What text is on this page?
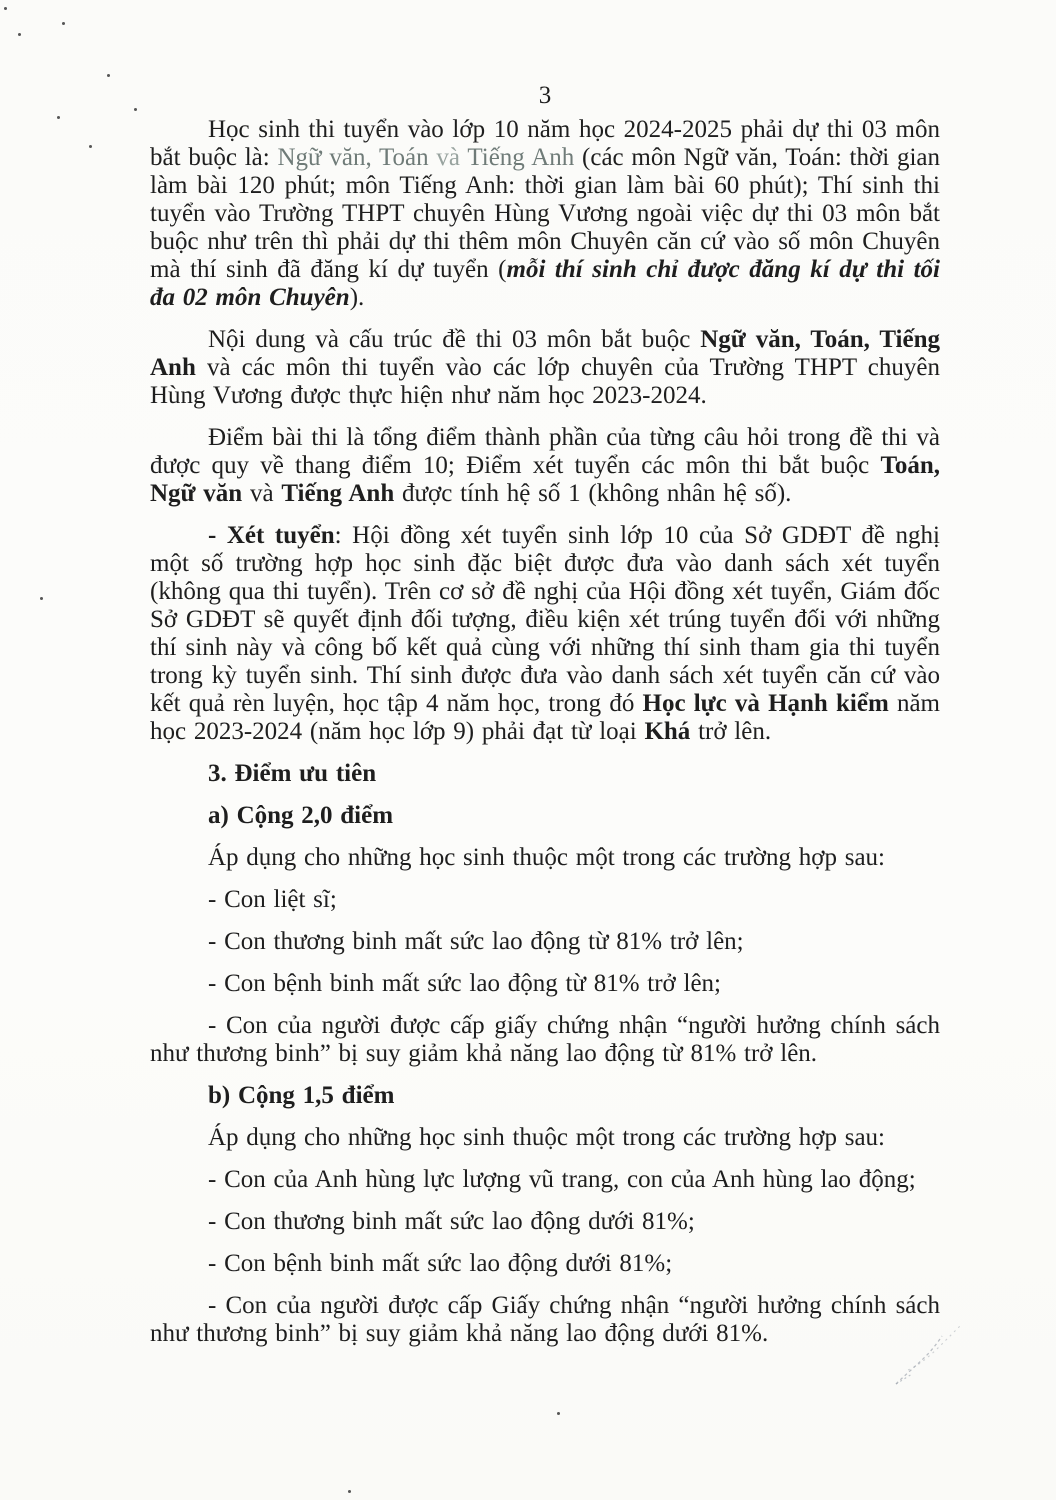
3

Học sinh thi tuyển vào lớp 10 năm học 2024-2025 phải dự thi 03 môn bắt buộc là: Ngữ văn, Toán và Tiếng Anh (các môn Ngữ văn, Toán: thời gian làm bài 120 phút; môn Tiếng Anh: thời gian làm bài 60 phút); Thí sinh thi tuyển vào Trường THPT chuyên Hùng Vương ngoài việc dự thi 03 môn bắt buộc như trên thì phải dự thi thêm môn Chuyên căn cứ vào số môn Chuyên mà thí sinh đã đăng kí dự tuyển (mỗi thí sinh chỉ được đăng kí dự thi tối đa 02 môn Chuyên).

Nội dung và cấu trúc đề thi 03 môn bắt buộc Ngữ văn, Toán, Tiếng Anh và các môn thi tuyển vào các lớp chuyên của Trường THPT chuyên Hùng Vương được thực hiện như năm học 2023-2024.

Điểm bài thi là tổng điểm thành phần của từng câu hỏi trong đề thi và được quy về thang điểm 10; Điểm xét tuyển các môn thi bắt buộc Toán, Ngữ văn và Tiếng Anh được tính hệ số 1 (không nhân hệ số).

- Xét tuyển: Hội đồng xét tuyển sinh lớp 10 của Sở GDĐT đề nghị một số trường hợp học sinh đặc biệt được đưa vào danh sách xét tuyển (không qua thi tuyển). Trên cơ sở đề nghị của Hội đồng xét tuyển, Giám đốc Sở GDĐT sẽ quyết định đối tượng, điều kiện xét trúng tuyển đối với những thí sinh này và công bố kết quả cùng với những thí sinh tham gia thi tuyển trong kỳ tuyển sinh. Thí sinh được đưa vào danh sách xét tuyển căn cứ vào kết quả rèn luyện, học tập 4 năm học, trong đó Học lực và Hạnh kiểm năm học 2023-2024 (năm học lớp 9) phải đạt từ loại Khá trở lên.

3. Điểm ưu tiên

a) Cộng 2,0 điểm

Áp dụng cho những học sinh thuộc một trong các trường hợp sau:

- Con liệt sĩ;

- Con thương binh mất sức lao động từ 81% trở lên;

- Con bệnh binh mất sức lao động từ 81% trở lên;

- Con của người được cấp giấy chứng nhận “người hưởng chính sách như thương binh” bị suy giảm khả năng lao động từ 81% trở lên.

b) Cộng 1,5 điểm

Áp dụng cho những học sinh thuộc một trong các trường hợp sau:

- Con của Anh hùng lực lượng vũ trang, con của Anh hùng lao động;

- Con thương binh mất sức lao động dưới 81%;

- Con bệnh binh mất sức lao động dưới 81%;

- Con của người được cấp Giấy chứng nhận “người hưởng chính sách như thương binh” bị suy giảm khả năng lao động dưới 81%.
